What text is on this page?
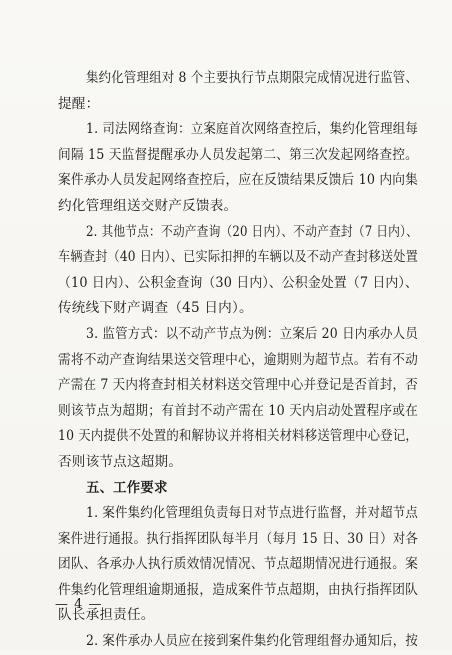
集约化管理组对 8 个主要执行节点期限完成情况进行监管、
提醒：
1. 司法网络查询：立案庭首次网络查控后，集约化管理组每
间隔 15 天监督提醒承办人员发起第二、第三次发起网络查控。
案件承办人员发起网络查控后，应在反馈结果反馈后 10 内向集
约化管理组送交财产反馈表。
2. 其他节点：不动产查询（20 日内）、不动产查封（7 日内）、
车辆查封（40 日内）、已实际扣押的车辆以及不动产查封移送处置
（10 日内）、公积金查询（30 日内）、公积金处置（7 日内）、
传统线下财产调查（45 日内）。
3. 监管方式：以不动产节点为例：立案后 20 日内承办人员
需将不动产查询结果送交管理中心，逾期则为超节点。若有不动
产需在 7 天内将查封相关材料送交管理中心并登记是否首封，否
则该节点为超期；有首封不动产需在 10 天内启动处置程序或在
10 天内提供不处置的和解协议并将相关材料移送管理中心登记，
否则该节点这超期。
五、工作要求
1. 案件集约化管理组负责每日对节点进行监督，并对超节点
案件进行通报。执行指挥团队每半月（每月 15 日、30 日）对各
团队、各承办人执行质效情况情况、节点超期情况进行通报。案
件集约化管理组逾期通报，造成案件节点超期，由执行指挥团队
队长承担责任。
2. 案件承办人员应在接到案件集约化管理组督办通知后，按
— 4 —
